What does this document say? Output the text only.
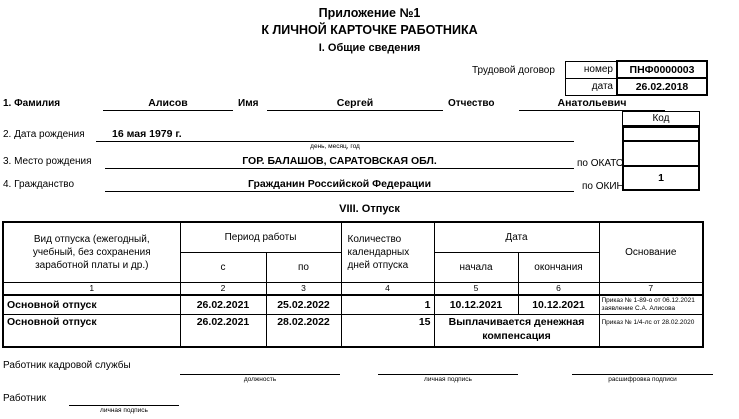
Приложение №1
К ЛИЧНОЙ КАРТОЧКЕ РАБОТНИКА
I. Общие сведения
Трудовой договор	номер	ПНФ0000003
дата	26.02.2018
1. Фамилия	Алисов	Имя	Сергей	Отчество	Анатольевич
Код
1
2. Дата рождения	16 мая 1979 г.
день, месяц, год
3. Место рождения	ГОР. БАЛАШОВ, САРАТОВСКАЯ ОБЛ.	по ОКАТО
4. Гражданство	Гражданин Российской Федерации	по ОКИН
VIII. Отпуск
Вид отпуска (ежегодный, учебный, без сохранения заработной платы и др.)	Период работы		Количество календарных дней отпуска	Дата		Основание
	с	по		начала	окончания	
1	2	3	4	5	6	7
Основной отпуск	26.02.2021	25.02.2022	1	10.12.2021	10.12.2021	Приказ № 1-89-о от 06.12.2021 заявление С.А. Алисова
Основной отпуск	26.02.2021	28.02.2022	15	Выплачивается денежная компенсация		Приказ № 1/4-лс от 28.02.2020
Работник кадровой службы
должность	личная подпись	расшифровка подписи
Работник
личная подпись
